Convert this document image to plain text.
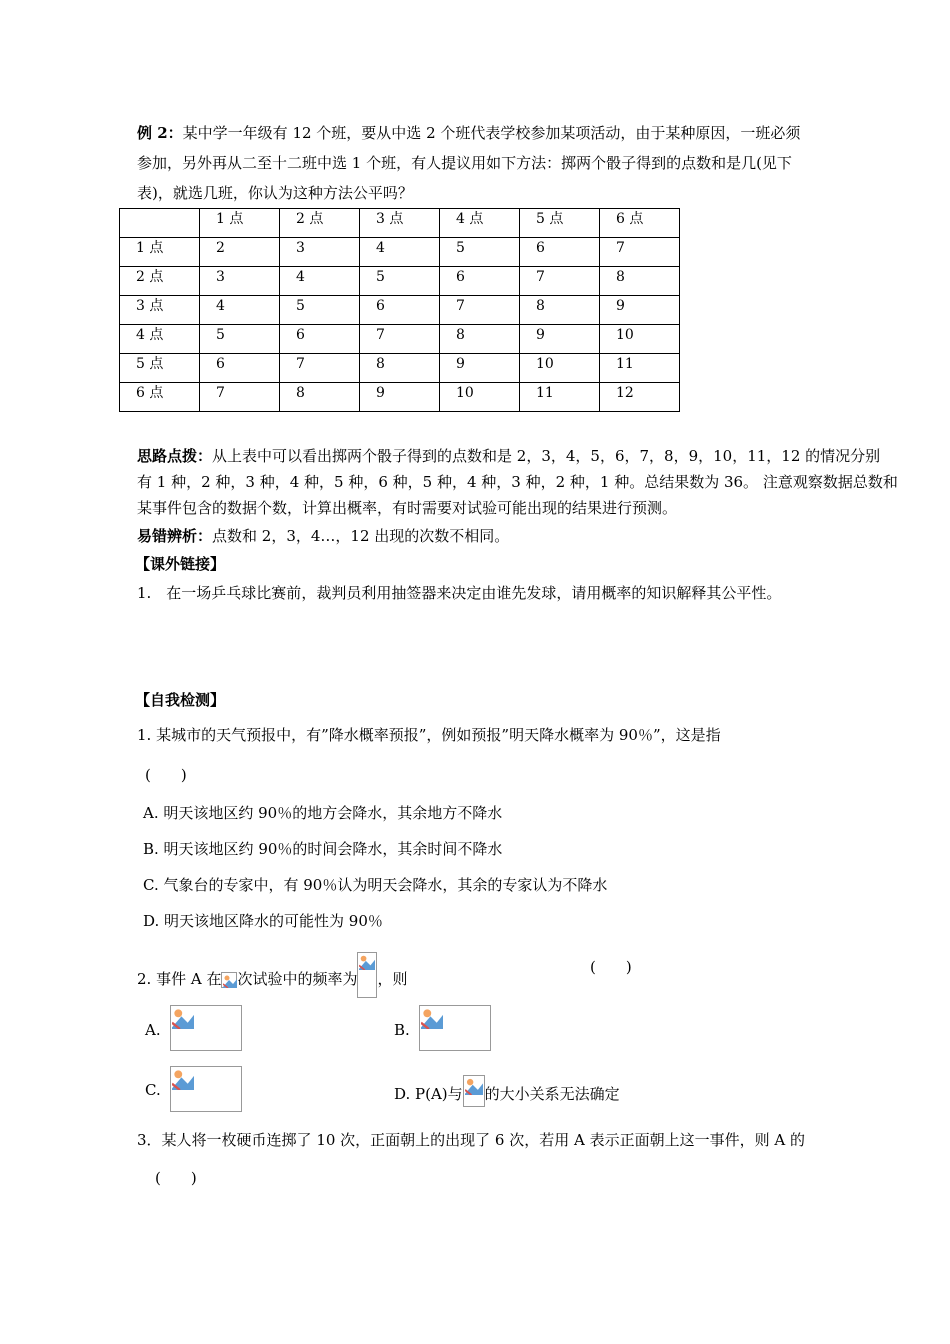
例 2：某中学一年级有 12 个班，要从中选 2 个班代表学校参加某项活动，由于某种原因，一班必须
参加，另外再从二至十二班中选 1 个班，有人提议用如下方法：掷两个骰子得到的点数和是几(见下
表)，就选几班，你认为这种方法公平吗？
	1 点	2 点	3 点	4 点	5 点	6 点
1 点	2	3	4	5	6	7
2 点	3	4	5	6	7	8
3 点	4	5	6	7	8	9
4 点	5	6	7	8	9	10
5 点	6	7	8	9	10	11
6 点	7	8	9	10	11	12
思路点拨：从上表中可以看出掷两个骰子得到的点数和是 2，3，4，5，6，7，8，9，10，11，12 的情况分别
有 1 种，2 种，3 种，4 种，5 种，6 种，5 种，4 种，3 种，2 种，1 种。总结果数为 36。 注意观察数据总数和
某事件包含的数据个数，计算出概率，有时需要对试验可能出现的结果进行预测。
易错辨析：点数和 2，3，4…，12 出现的次数不相同。
【课外链接】
1.　在一场乒乓球比赛前，裁判员利用抽签器来决定由谁先发球，请用概率的知识解释其公平性。
【自我检测】
1. 某城市的天气预报中，有”降水概率预报”，例如预报”明天降水概率为 90％”，这是指
(　　)
A. 明天该地区约 90％的地方会降水，其余地方不降水
B. 明天该地区约 90％的时间会降水，其余时间不降水
C. 气象台的专家中，有 90％认为明天会降水，其余的专家认为不降水
D. 明天该地区降水的可能性为 90％
2. 事件 A 在 次试验中的频率为 ，则
(　　)
A.	B.
C.	D. P(A)与 的大小关系无法确定
3．某人将一枚硬币连掷了 10 次，正面朝上的出现了 6 次，若用 A 表示正面朝上这一事件，则 A 的
(　　)
